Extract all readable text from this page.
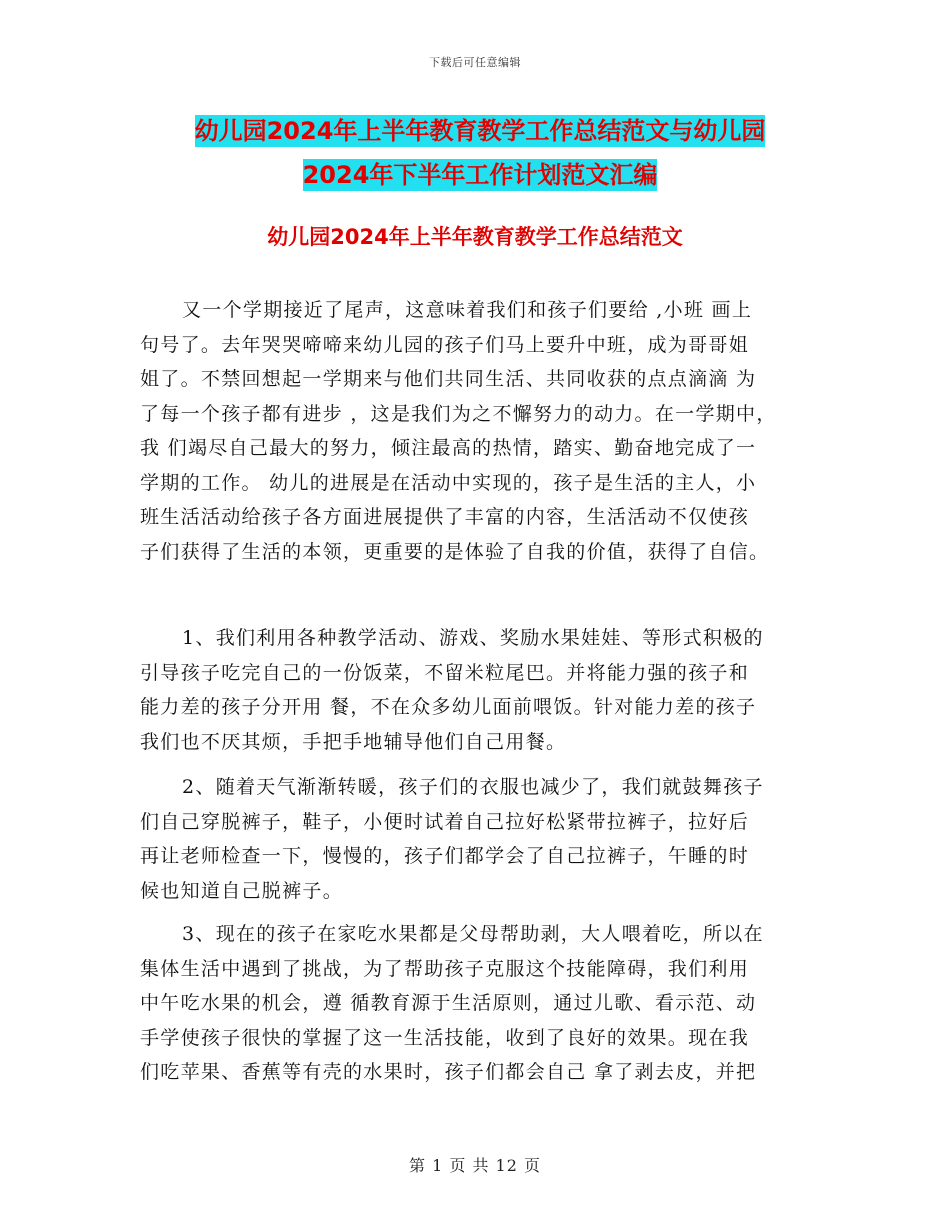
下载后可任意编辑
幼儿园2024年上半年教育教学工作总结范文与幼儿园
2024年下半年工作计划范文汇编
幼儿园2024年上半年教育教学工作总结范文
又一个学期接近了尾声，这意味着我们和孩子们要给 ,小班 画上
句号了。去年哭哭啼啼来幼儿园的孩子们马上要升中班，成为哥哥姐
姐了。不禁回想起一学期来与他们共同生活、共同收获的点点滴滴 为
了每一个孩子都有进步 ，这是我们为之不懈努力的动力。在一学期中，
我 们竭尽自己最大的努力，倾注最高的热情，踏实、勤奋地完成了一
学期的工作。 幼儿的进展是在活动中实现的，孩子是生活的主人，小
班生活活动给孩子各方面进展提供了丰富的内容，生活活动不仅使孩
子们获得了生活的本领，更重要的是体验了自我的价值，获得了自信。
1、我们利用各种教学活动、游戏、奖励水果娃娃、等形式积极的
引导孩子吃完自己的一份饭菜，不留米粒尾巴。并将能力强的孩子和
能力差的孩子分开用 餐，不在众多幼儿面前喂饭。针对能力差的孩子
我们也不厌其烦，手把手地辅导他们自己用餐。
2、随着天气渐渐转暖，孩子们的衣服也减少了，我们就鼓舞孩子
们自己穿脱裤子，鞋子，小便时试着自己拉好松紧带拉裤子，拉好后
再让老师检查一下，慢慢的，孩子们都学会了自己拉裤子，午睡的时
候也知道自己脱裤子。
3、现在的孩子在家吃水果都是父母帮助剥，大人喂着吃，所以在
集体生活中遇到了挑战，为了帮助孩子克服这个技能障碍，我们利用
中午吃水果的机会，遵 循教育源于生活原则，通过儿歌、看示范、动
手学使孩子很快的掌握了这一生活技能，收到了良好的效果。现在我
们吃苹果、香蕉等有壳的水果时，孩子们都会自己 拿了剥去皮，并把
第 1 页 共 12 页
